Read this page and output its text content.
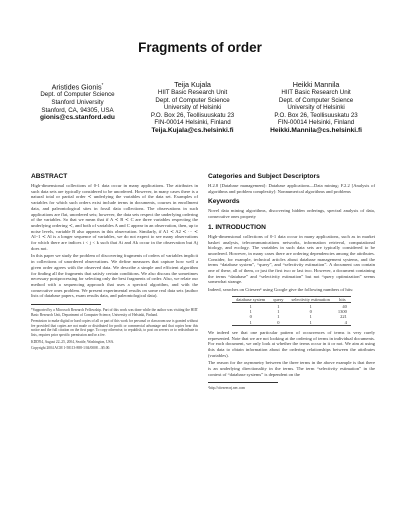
Fragments of order
Aristides Gionis*
Dept. of Computer Science
Stanford University
Stanford, CA, 94305, USA
gionis@cs.stanford.edu
Teija Kujala
HIIT Basic Research Unit
Dept. of Computer Science
University of Helsinki
P.O. Box 26, Teollisuuskatu 23
FIN-00014 Helsinki, Finland
Teija.Kujala@cs.helsinki.fi
Heikki Mannila
HIIT Basic Research Unit
Dept. of Computer Science
University of Helsinki
P.O. Box 26, Teollisuuskatu 23
FIN-00014 Helsinki, Finland
Heikki.Mannila@cs.helsinki.fi
ABSTRACT

High-dimensional collections of 0-1 data occur in many applications. The attributes in such data sets are typically considered to be unordered. However, in many cases there is a natural total or partial order ≺ underlying the variables of the data set. Examples of variables for which such orders exist include terms in documents, courses in enrollment data, and paleontological sites in fossil data collections. The observations in such applications are flat, unordered sets; however, the data sets respect the underlying ordering of the variables. So that we mean that if A ≺ B ≺ C are three variables respecting the underlying ordering ≺, and both of variables A and C appear in an observation, then, up to noise levels, variable B also appears in this observation. Similarly, if A1 ≺ A2 ≺ ··· ≺ Al−1 ≺ Al is a longer sequence of variables, we do not expect to see many observations for which there are indices i < j < k such that Ai and Ak occur in the observation but Aj does not.

In this paper we study the problem of discovering fragments of orders of variables implicit in collections of unordered observations. We define measures that capture how well a given order agrees with the observed data. We describe a simple and efficient algorithm for finding all the fragments that satisfy certain conditions. We also discuss the sometimes necessary postprocessing for selecting only the best fragments of order. Also, we relate our method with a sequencing approach that uses a spectral algorithm, and with the consecutive ones problem. We present experimental results on some real data sets (author lists of database papers, exam results data, and paleontological data).

*Supported by a Microsoft Research Fellowship. Part of this work was done while the author was visiting the HIIT Basic Research Unit, Department of Computer Science, University of Helsinki, Finland.

Permission to make digital or hard copies of all or part of this work for personal or classroom use is granted without fee provided that copies are not made or distributed for profit or commercial advantage and that copies bear this notice and the full citation on the first page. To copy otherwise, to republish, to post on servers or to redistribute to lists, requires prior specific permission and/or a fee.

KDD'04, August 22–25, 2004, Seattle, Washington, USA.

Copyright 2004 ACM 1-58113-888-1/04/0008 ...$5.00.

Categories and Subject Descriptors

H.2.8 [Database management]: Database applications—Data mining; F.2.2 [Analysis of algorithms and problem complexity]: Nonnumerical algorithms and problems

Keywords

Novel data mining algorithms, discovering hidden orderings, spectral analysis of data, consecutive ones property

1. INTRODUCTION

High-dimensional collections of 0-1 data occur in many applications, such as in market basket analysis, telecommunications networks, information retrieval, computational biology, and ecology. The variables in such data sets are typically considered to be unordered. However, in many cases there are ordering dependencies among the attributes. Consider, for example, technical articles about database management systems, and the terms “database system”, “query”, and “selectivity estimation”. A document can contain one of these, all of them, or just the first two or last two. However, a document containing the terms “database” and “selectivity estimation” but not “query optimization” seems somewhat strange.

Indeed, searches on Citeseer¹ using Google give the following numbers of hits:

database system	query	selectivity estimation	hits
1	1	1	40
1	1	0	1300
0	1	1	221
1	0	1	4

We indeed see that one particular pattern of occurrences of terms is very rarely represented. Note that we are not looking at the ordering of terms in individual documents. For each document, we only look at whether the terms occur in it or not. We aim at using this data to obtain information about the ordering relationships between the attributes (variables).

The reason for the asymmetry between the three terms in the above example is that there is an underlying directionality in the terms. The term “selectivity estimation” in the context of “database systems” is dependent on the

¹http://citeseer.nj.nec.com
